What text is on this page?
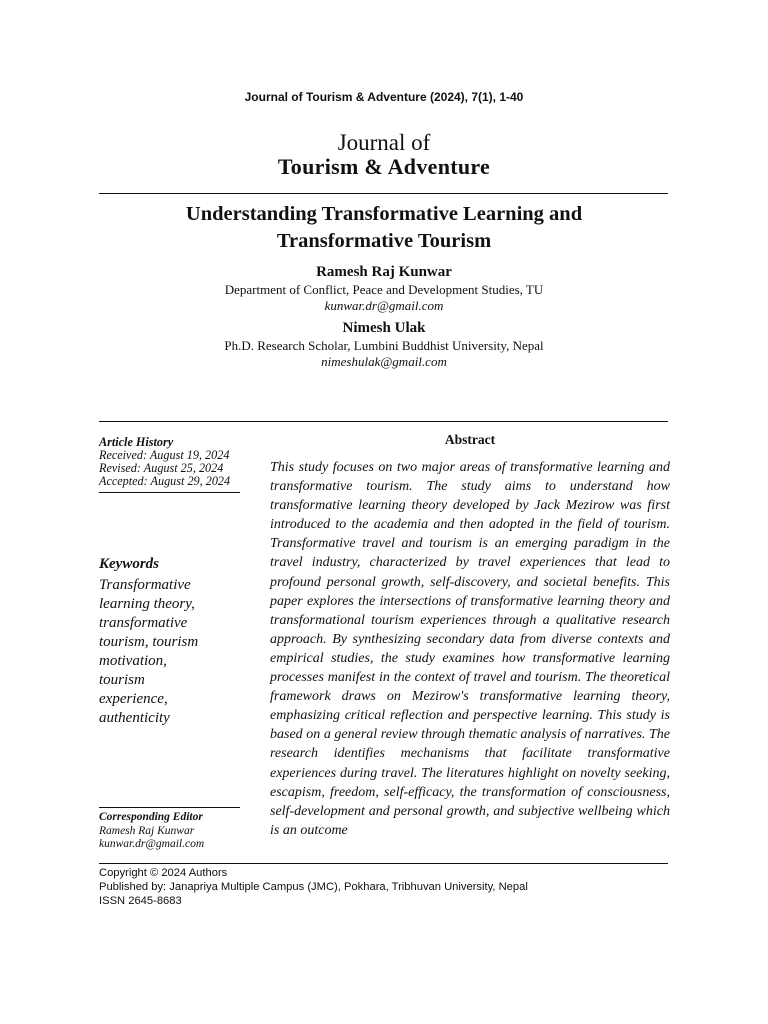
Journal of Tourism & Adventure (2024), 7(1), 1-40
Journal of
Tourism & Adventure
Understanding Transformative Learning and
Transformative Tourism
Ramesh Raj Kunwar
Department of Conflict, Peace and Development Studies, TU
kunwar.dr@gmail.com
Nimesh Ulak
Ph.D. Research Scholar, Lumbini Buddhist University, Nepal
nimeshulak@gmail.com
Article History
Received: August 19, 2024
Revised: August 25, 2024
Accepted: August 29, 2024
Keywords
Transformative
learning theory,
transformative
tourism, tourism
motivation,
tourism
experience,
authenticity
Corresponding Editor
Ramesh Raj Kunwar
kunwar.dr@gmail.com
Abstract
This study focuses on two major areas of transformative learning and transformative tourism. The study aims to understand how transformative learning theory developed by Jack Mezirow was first introduced to the academia and then adopted in the field of tourism. Transformative travel and tourism is an emerging paradigm in the travel industry, characterized by travel experiences that lead to profound personal growth, self-discovery, and societal benefits. This paper explores the intersections of transformative learning theory and transformational tourism experiences through a qualitative research approach. By synthesizing secondary data from diverse contexts and empirical studies, the study examines how transformative learning processes manifest in the context of travel and tourism. The theoretical framework draws on Mezirow's transformative learning theory, emphasizing critical reflection and perspective learning. This study is based on a general review through thematic analysis of narratives. The research identifies mechanisms that facilitate transformative experiences during travel. The literatures highlight on novelty seeking, escapism, freedom, self-efficacy, the transformation of consciousness, self-development and personal growth, and subjective wellbeing which is an outcome
Copyright © 2024 Authors
Published by: Janapriya Multiple Campus (JMC), Pokhara, Tribhuvan University, Nepal
ISSN 2645-8683
